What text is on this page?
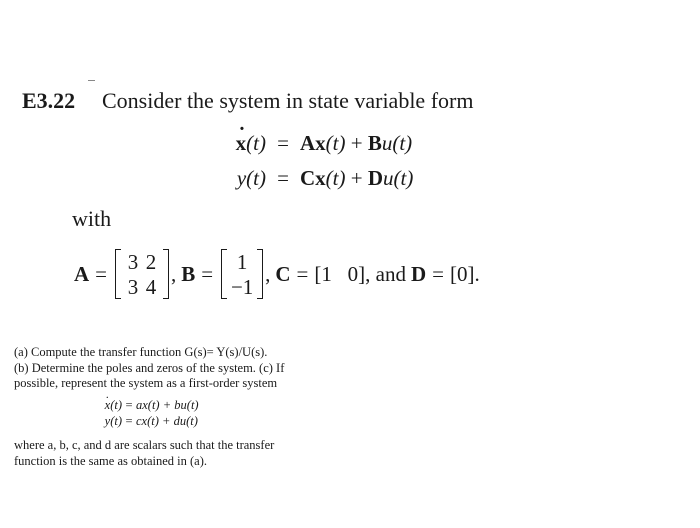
E3.22 Consider the system in state variable form
· x(t) = Ax(t) + Bu(t)
y(t) = Cx(t) + Du(t)
with
A = 3 2
3 4
, B =	1
−1
, C = [1   0] , and D = [0].
(a) Compute the transfer function G(s)= Y(s)/U(s).
(b) Determine the poles and zeros of the system. (c) If
possible, represent the system as a first-order system
· x(t) = ax(t) + bu(t)
y(t) = cx(t) + du(t)
where a, b, c, and d are scalars such that the transfer
function is the same as obtained in (a).
